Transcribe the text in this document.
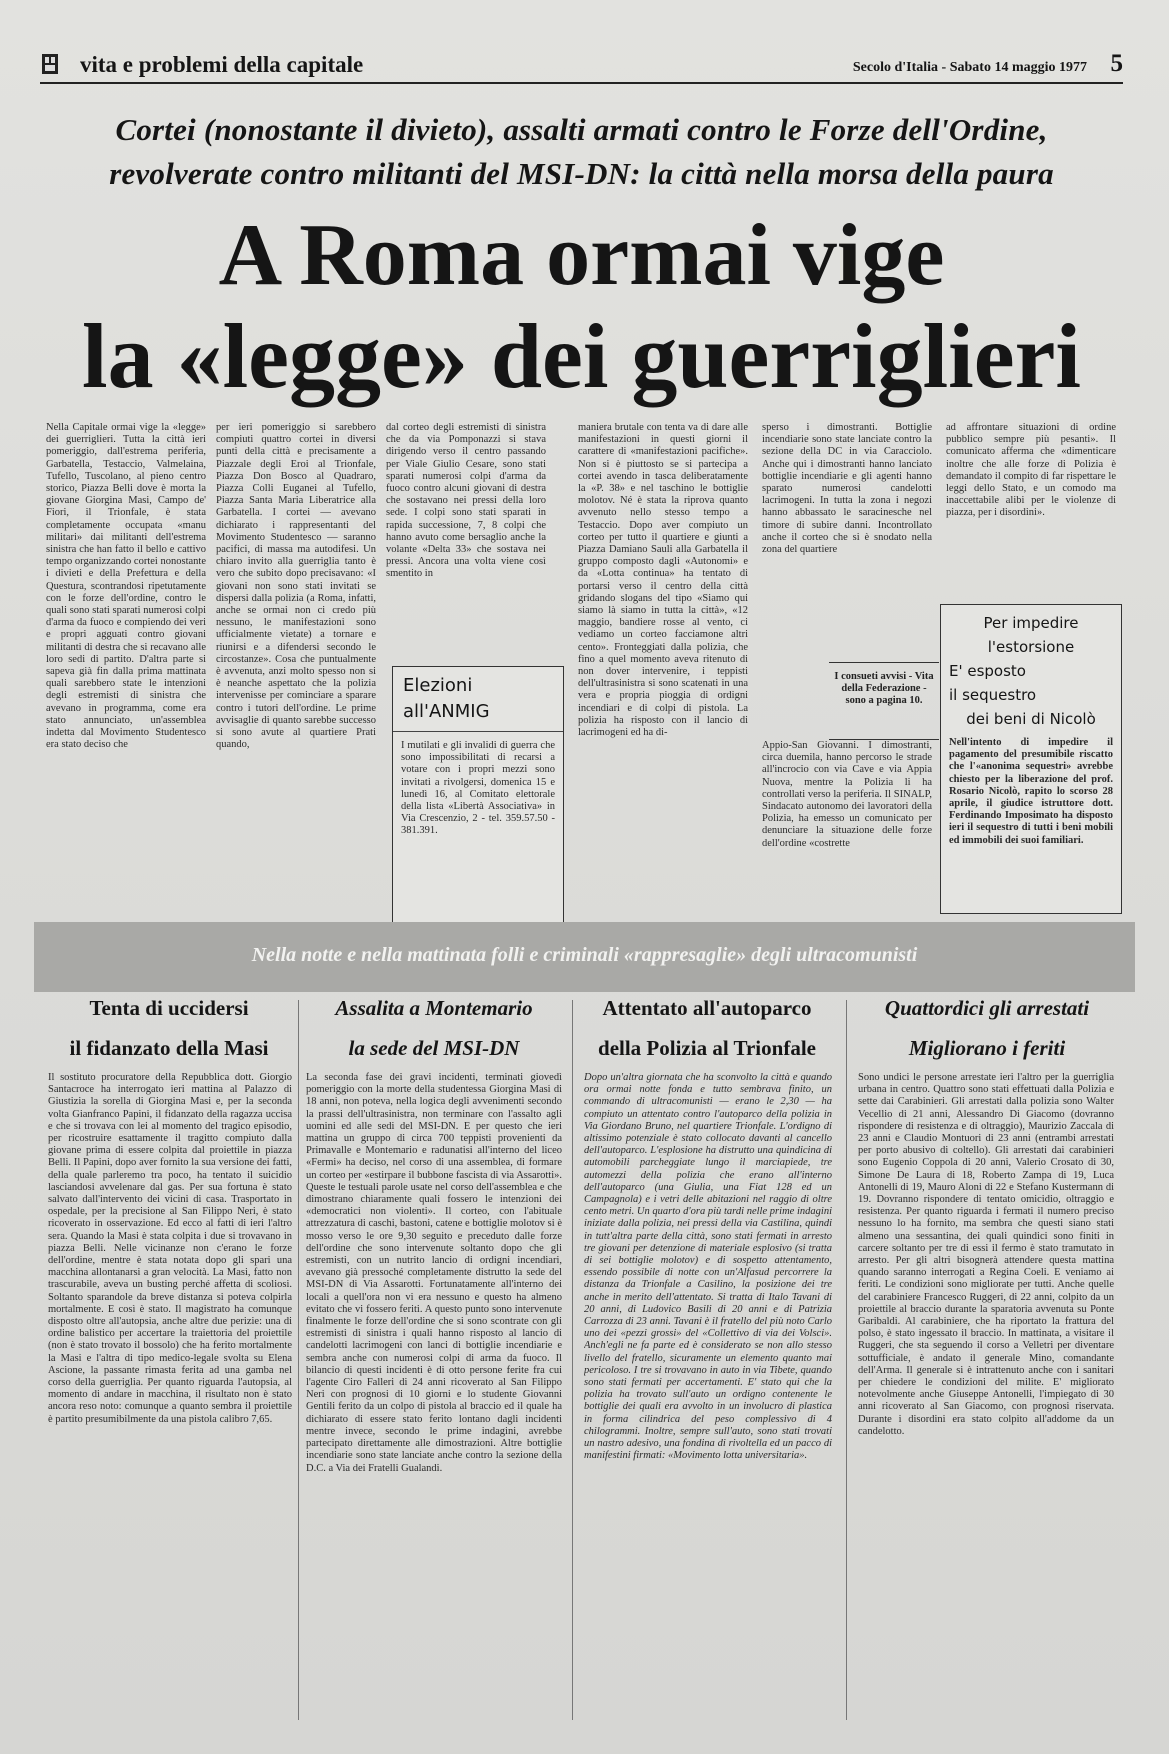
vita e problemi della capitale	Secolo d'Italia - Sabato 14 maggio 1977 5
Cortei (nonostante il divieto), assalti armati contro le Forze dell'Ordine,
revolverate contro militanti del MSI-DN: la città nella morsa della paura
A Roma ormai vige
la «legge» dei guerriglieri
Nella Capitale ormai vige la «legge» dei guerriglieri. Tutta la città ieri pomeriggio, dall'estrema periferia, Garbatella, Testaccio, Valmelaina, Tufello, Tuscolano, al pieno centro storico, Piazza Belli dove è morta la giovane Giorgina Masi, Campo de' Fiori, il Trionfale, è stata completamente occupata «manu militari» dai militanti dell'estrema sinistra che han fatto il bello e cattivo tempo organizzando cortei nonostante i divieti e della Prefettura e della Questura, scontrandosi ripetutamente con le forze dell'ordine, contro le quali sono stati sparati numerosi colpi d'arma da fuoco e compiendo dei veri e propri agguati contro giovani militanti di destra che si recavano alle loro sedi di partito. D'altra parte si sapeva già fin dalla prima mattinata quali sarebbero state le intenzioni degli estremisti di sinistra che avevano in programma, come era stato annunciato, un'assemblea indetta dal Movimento Studentesco era stato deciso che
per ieri pomeriggio si sarebbero compiuti quattro cortei in diversi punti della città e precisamente a Piazzale degli Eroi al Trionfale, Piazza Don Bosco al Quadraro, Piazza Colli Euganei al Tufello, Piazza Santa Maria Liberatrice alla Garbatella. I cortei — avevano dichiarato i rappresentanti del Movimento Studentesco — saranno pacifici, di massa ma autodifesi. Un chiaro invito alla guerriglia tanto è vero che subito dopo precisavano: «I giovani non sono stati invitati se dispersi dalla polizia (a Roma, infatti, anche se ormai non ci credo più nessuno, le manifestazioni sono ufficialmente vietate) a tornare e riunirsi e a difendersi secondo le circostanze». Cosa che puntualmente è avvenuta, anzi molto spesso non si è neanche aspettato che la polizia intervenisse per cominciare a sparare contro i tutori dell'ordine. Le prime avvisaglie di quanto sarebbe successo si sono avute al quartiere Prati quando,
dal corteo degli estremisti di sinistra che da via Pomponazzi si stava dirigendo verso il centro passando per Viale Giulio Cesare, sono stati sparati numerosi colpi d'arma da fuoco contro alcuni giovani di destra che sostavano nei pressi della loro sede. I colpi sono stati sparati in rapida successione, 7, 8 colpi che hanno avuto come bersaglio anche la volante «Delta 33» che sostava nei pressi. Ancora una volta viene così smentito in
maniera brutale con tenta va di dare alle manifestazioni in questi giorni il carattere di «manifestazioni pacifiche». Non si è piuttosto se si partecipa a cortei avendo in tasca deliberatamente la «P. 38» e nel taschino le bottiglie molotov. Né è stata la riprova quanto avvenuto nello stesso tempo a Testaccio. Dopo aver compiuto un corteo per tutto il quartiere e giunti a Piazza Damiano Sauli alla Garbatella il gruppo composto dagli «Autonomi» e da «Lotta continua» ha tentato di portarsi verso il centro della città gridando slogans del tipo «Siamo qui siamo là siamo in tutta la città», «12 maggio, bandiere rosse al vento, ci vediamo un corteo facciamone altri cento». Fronteggiati dalla polizia, che fino a quel momento aveva ritenuto di non dover intervenire, i teppisti dell'ultrasinistra si sono scatenati in una vera e propria pioggia di ordigni incendiari e di colpi di pistola. La polizia ha risposto con il lancio di lacrimogeni ed ha di-
sperso i dimostranti. Bottiglie incendiarie sono state lanciate contro la sezione della DC in via Caracciolo. Anche qui i dimostranti hanno lanciato bottiglie incendiarie e gli agenti hanno sparato numerosi candelotti lacrimogeni. In tutta la zona i negozi hanno abbassato le saracinesche nel timore di subire danni. Incontrollato anche il corteo che si è snodato nella zona del quartiere
Appio-San Giovanni. I dimostranti, circa duemila, hanno percorso le strade all'incrocio con via Cave e via Appia Nuova, mentre la Polizia li ha controllati verso la periferia. Il SINALP, Sindacato autonomo dei lavoratori della Polizia, ha emesso un comunicato per denunciare la situazione delle forze dell'ordine «costrette
ad affrontare situazioni di ordine pubblico sempre più pesanti». Il comunicato afferma che «dimenticare inoltre che alle forze di Polizia è demandato il compito di far rispettare le leggi dello Stato, e un comodo ma inaccettabile alibi per le violenze di piazza, per i disordini».
Elezioni all'ANMIG
I mutilati e gli invalidi di guerra che sono impossibilitati di recarsi a votare con i propri mezzi sono invitati a rivolgersi, domenica 15 e lunedì 16, al Comitato elettorale della lista «Libertà Associativa» in Via Crescenzio, 2 - tel. 359.57.50 - 381.391.
Per impedire
l'estorsione
E' esposto
il sequestro
dei beni di Nicolò
Nell'intento di impedire il pagamento del presumibile riscatto che l'«anonima sequestri» avrebbe chiesto per la liberazione del prof. Rosario Nicolò, rapito lo scorso 28 aprile, il giudice istruttore dott. Ferdinando Imposimato ha disposto ieri il sequestro di tutti i beni mobili ed immobili dei suoi familiari.
I consueti avvisi - Vita della Federazione - sono a pagina 10.
Nella notte e nella mattinata folli e criminali «rappresaglie» degli ultracomunisti
Tenta di uccidersi
il fidanzato della Masi
Assalita a Montemario
la sede del MSI-DN
Attentato all'autoparco
della Polizia al Trionfale
Quattordici gli arrestati
Migliorano i feriti
Il sostituto procuratore della Repubblica dott. Giorgio Santacroce ha interrogato ieri mattina al Palazzo di Giustizia la sorella di Giorgina Masi e, per la seconda volta Gianfranco Papini, il fidanzato della ragazza uccisa e che si trovava con lei al momento del tragico episodio, per ricostruire esattamente il tragitto compiuto dalla giovane prima di essere colpita dal proiettile in piazza Belli. Il Papini, dopo aver fornito la sua versione dei fatti, della quale parleremo tra poco, ha tentato il suicidio lasciandosi avvelenare dal gas. Per sua fortuna è stato salvato dall'intervento dei vicini di casa. Trasportato in ospedale, per la precisione al San Filippo Neri, è stato ricoverato in osservazione. Ed ecco al fatti di ieri l'altro sera. Quando la Masi è stata colpita i due si trovavano in piazza Belli. Nelle vicinanze non c'erano le forze dell'ordine, mentre è stata notata dopo gli spari una macchina allontanarsi a gran velocità. La Masi, fatto non trascurabile, aveva un busting perché affetta di scoliosi. Soltanto sparandole da breve distanza si poteva colpirla mortalmente. E così è stato. Il magistrato ha comunque disposto oltre all'autopsia, anche altre due perizie: una di ordine balistico per accertare la traiettoria del proiettile (non è stato trovato il bossolo) che ha ferito mortalmente la Masi e l'altra di tipo medico-legale svolta su Elena Ascione, la passante rimasta ferita ad una gamba nel corso della guerriglia. Per quanto riguarda l'autopsia, al momento di andare in macchina, il risultato non è stato ancora reso noto: comunque a quanto sembra il proiettile è partito presumibilmente da una pistola calibro 7,65.
La seconda fase dei gravi incidenti, terminati giovedì pomeriggio con la morte della studentessa Giorgina Masi di 18 anni, non poteva, nella logica degli avvenimenti secondo la prassi dell'ultrasinistra, non terminare con l'assalto agli uomini ed alle sedi del MSI-DN. E per questo che ieri mattina un gruppo di circa 700 teppisti provenienti da Primavalle e Montemario e radunatisi all'interno del liceo «Fermi» ha deciso, nel corso di una assemblea, di formare un corteo per «estirpare il bubbone fascista di via Assarotti». Queste le testuali parole usate nel corso dell'assemblea e che dimostrano chiaramente quali fossero le intenzioni dei «democratici non violenti». Il corteo, con l'abituale attrezzatura di caschi, bastoni, catene e bottiglie molotov si è mosso verso le ore 9,30 seguito e preceduto dalle forze dell'ordine che sono intervenute soltanto dopo che gli estremisti, con un nutrito lancio di ordigni incendiari, avevano già pressoché completamente distrutto la sede del MSI-DN di Via Assarotti. Fortunatamente all'interno dei locali a quell'ora non vi era nessuno e questo ha almeno evitato che vi fossero feriti. A questo punto sono intervenute finalmente le forze dell'ordine che si sono scontrate con gli estremisti di sinistra i quali hanno risposto al lancio di candelotti lacrimogeni con lanci di bottiglie incendiarie e sembra anche con numerosi colpi di arma da fuoco. Il bilancio di questi incidenti è di otto persone ferite fra cui l'agente Ciro Falleri di 24 anni ricoverato al San Filippo Neri con prognosi di 10 giorni e lo studente Giovanni Gentili ferito da un colpo di pistola al braccio ed il quale ha dichiarato di essere stato ferito lontano dagli incidenti mentre invece, secondo le prime indagini, avrebbe partecipato direttamente alle dimostrazioni. Altre bottiglie incendiarie sono state lanciate anche contro la sezione della D.C. a Via dei Fratelli Gualandi.
Dopo un'altra giornata che ha sconvolto la città e quando ora ormai notte fonda e tutto sembrava finito, un commando di ultracomunisti — erano le 2,30 — ha compiuto un attentato contro l'autoparco della polizia in Via Giordano Bruno, nel quartiere Trionfale. L'ordigno di altissimo potenziale è stato collocato davanti al cancello dell'autoparco. L'esplosione ha distrutto una quindicina di automobili parcheggiate lungo il marciapiede, tre automezzi della polizia che erano all'interno dell'autoparco (una Giulia, una Fiat 128 ed un Campagnola) e i vetri delle abitazioni nel raggio di oltre cento metri. Un quarto d'ora più tardi nelle prime indagini iniziate dalla polizia, nei pressi della via Castilina, quindi in tutt'altra parte della città, sono stati fermati in arresto tre giovani per detenzione di materiale esplosivo (si tratta di sei bottiglie molotov) e di sospetto attentamento, essendo possibile di notte con un'Alfasud percorrere la distanza da Trionfale a Casilino, la posizione dei tre anche in merito dell'attentato. Si tratta di Italo Tavani di 20 anni, di Ludovico Basili di 20 anni e di Patrizia Carrozza di 23 anni. Tavani è il fratello del più noto Carlo uno dei «pezzi grossi» del «Collettivo di via dei Volsci». Anch'egli ne fa parte ed è considerato se non allo stesso livello del fratello, sicuramente un elemento quanto mai pericoloso. I tre si trovavano in auto in via Tibete, quando sono stati fermati per accertamenti. E' stato qui che la polizia ha trovato sull'auto un ordigno contenente le bottiglie dei quali era avvolto in un involucro di plastica in forma cilindrica del peso complessivo di 4 chilogrammi. Inoltre, sempre sull'auto, sono stati trovati un nastro adesivo, una fondina di rivoltella ed un pacco di manifestini firmati: «Movimento lotta universitaria».
Sono undici le persone arrestate ieri l'altro per la guerriglia urbana in centro. Quattro sono stati effettuati dalla Polizia e sette dai Carabinieri. Gli arrestati dalla polizia sono Walter Vecellio di 21 anni, Alessandro Di Giacomo (dovranno rispondere di resistenza e di oltraggio), Maurizio Zaccala di 23 anni e Claudio Montuori di 23 anni (entrambi arrestati per porto abusivo di coltello). Gli arrestati dai carabinieri sono Eugenio Coppola di 20 anni, Valerio Crosato di 30, Simone De Laura di 18, Roberto Zampa di 19, Luca Antonelli di 19, Mauro Aloni di 22 e Stefano Kustermann di 19. Dovranno rispondere di tentato omicidio, oltraggio e resistenza. Per quanto riguarda i fermati il numero preciso nessuno lo ha fornito, ma sembra che questi siano stati almeno una sessantina, dei quali quindici sono finiti in carcere soltanto per tre di essi il fermo è stato tramutato in arresto. Per gli altri bisognerà attendere questa mattina quando saranno interrogati a Regina Coeli. E veniamo ai feriti. Le condizioni sono migliorate per tutti. Anche quelle del carabiniere Francesco Ruggeri, di 22 anni, colpito da un proiettile al braccio durante la sparatoria avvenuta su Ponte Garibaldi. Al carabiniere, che ha riportato la frattura del polso, è stato ingessato il braccio. In mattinata, a visitare il Ruggeri, che sta seguendo il corso a Velletri per diventare sottufficiale, è andato il generale Mino, comandante dell'Arma. Il generale si è intrattenuto anche con i sanitari per chiedere le condizioni del milite. E' migliorato notevolmente anche Giuseppe Antonelli, l'impiegato di 30 anni ricoverato al San Giacomo, con prognosi riservata. Durante i disordini era stato colpito all'addome da un candelotto.
